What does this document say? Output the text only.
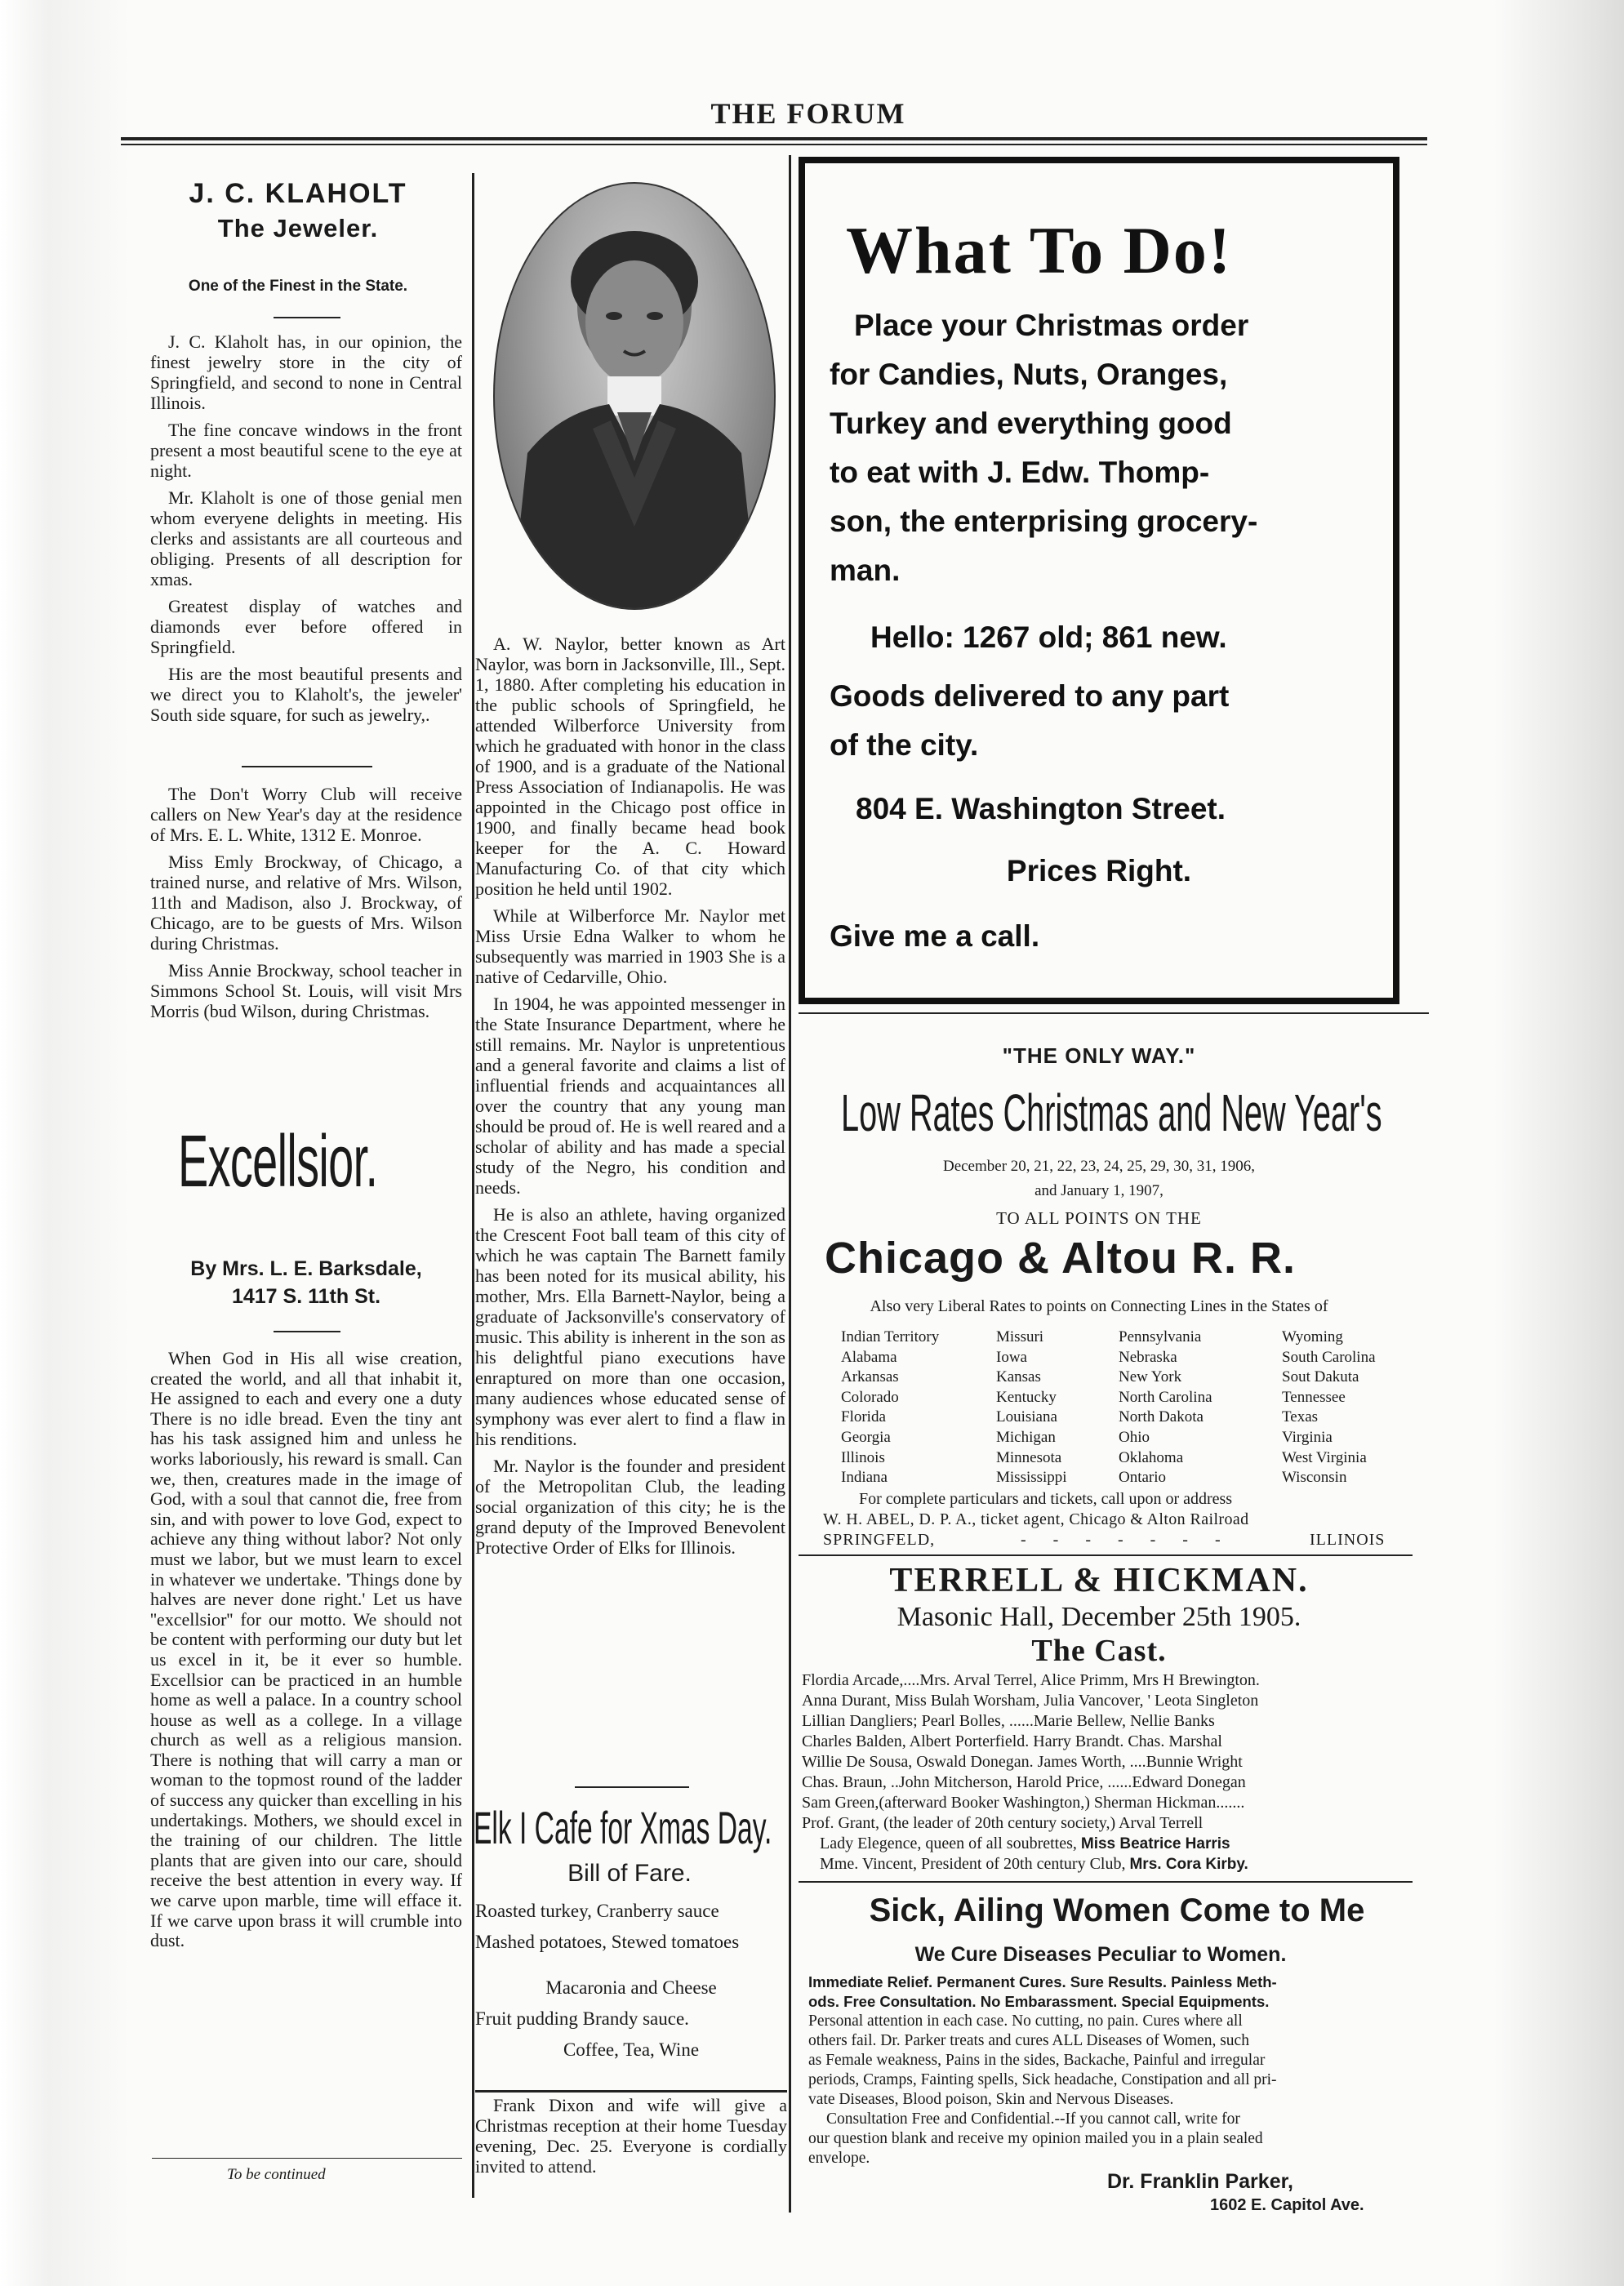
THE FORUM
J. C. KLAHOLT
The Jeweler.
One of the Finest in the State.

J. C. Klaholt has, in our opinion, the finest jewelry store in the city of Springfield, and second to none in Central Illinois.

The fine concave windows in the front present a most beautiful scene to the eye at night.

Mr. Klaholt is one of those genial men whom everyene delights in meeting. His clerks and assistants are all courteous and obliging. Presents of all description for xmas.

Greatest display of watches and diamonds ever before offered in Springfield.

His are the most beautiful presents and we direct you to Klaholt's, the jeweler' South side square, for such as jewelry,.

The Don't Worry Club will receive callers on New Year's day at the residence of Mrs. E. L. White, 1312 E. Monroe.

Miss Emly Brockway, of Chicago, a trained nurse, and relative of Mrs. Wilson, 11th and Madison, also J. Brockway, of Chicago, are to be guests of Mrs. Wilson during Christmas.

Miss Annie Brockway, school teacher in Simmons School St. Louis, will visit Mrs Morris (bud Wilson, during Christmas.

Excellsior.
By Mrs. L. E. Barksdale,
1417 S. 11th St.

When God in His all wise creation, created the world, and all that inhabit it, He assigned to each and every one a duty There is no idle bread. Even the tiny ant has his task assigned him and unless he works laboriously, his reward is small. Can we, then, creatures made in the image of God, with a soul that cannot die, free from sin, and with power to love God, expect to achieve any thing without labor? Not only must we labor, but we must learn to excel in whatever we undertake. 'Things done by halves are never done right.' Let us have ''excellsior'' for our motto. We should not be content with performing our duty but let us excel in it, be it ever so humble. Excellsior can be practiced in an humble home as well a palace. In a country school house as well as a college. In a village church as well as a religious mansion. There is nothing that will carry a man or woman to the topmost round of the ladder of success any quicker than excelling in his undertakings. Mothers, we should excel in the training of our children. The little plants that are given into our care, should receive the best attention in every way. If we carve upon marble, time will efface it. If we carve upon brass it will crumble into dust.

To be continued

A. W. Naylor, better known as Art Naylor, was born in Jacksonville, Ill., Sept. 1, 1880. After completing his education in the public schools of Springfield, he attended Wilberforce University from which he graduated with honor in the class of 1900, and is a graduate of the National Press Association of Indianapolis. He was appointed in the Chicago post office in 1900, and finally became head book keeper for the A. C. Howard Manufacturing Co. of that city which position he held until 1902.

While at Wilberforce Mr. Naylor met Miss Ursie Edna Walker to whom he subsequently was married in 1903 She is a native of Cedarville, Ohio.

In 1904, he was appointed messenger in the State Insurance Department, where he still remains. Mr. Naylor is unpretentious and a general favorite and claims a list of influential friends and acquaintances all over the country that any young man should be proud of. He is well reared and a scholar of ability and has made a special study of the Negro, his condition and needs.

He is also an athlete, having organized the Crescent Foot ball team of this city of which he was captain The Barnett family has been noted for its musical ability, his mother, Mrs. Ella Barnett-Naylor, being a graduate of Jacksonville's conservatory of music. This ability is inherent in the son as his delightful piano executions have enraptured on more than one occasion, many audiences whose educated sense of symphony was ever alert to find a flaw in his renditions.

Mr. Naylor is the founder and president of the Metropolitan Club, the leading social organization of this city; he is the grand deputy of the Improved Benevolent Protective Order of Elks for Illinois.

Elk I Cafe for Xmas Day.
Bill of Fare.
Roasted turkey, Cranberry sauce
Mashed potatoes, Stewed tomatoes
Macaronia and Cheese
Fruit pudding Brandy sauce.
Coffee, Tea, Wine

Frank Dixon and wife will give a Christmas reception at their home Tuesday evening, Dec. 25. Everyone is cordially invited to attend.

What To Do!
Place your Christmas order
for Candies, Nuts, Oranges,
Turkey and everything good
to eat with J. Edw. Thomp-
son, the enterprising grocery-
man.
Hello: 1267 old; 861 new.
Goods delivered to any part
of the city.
804 E. Washington Street.
Prices Right.
Give me a call.
"THE ONLY WAY."
Low Rates Christmas and New Year's
December 20, 21, 22, 23, 24, 25, 29, 30, 31, 1906,
and January 1, 1907,
TO ALL POINTS ON THE
Chicago & Altou R. R.
Also very Liberal Rates to points on Connecting Lines in the States of
Indian Territory
Alabama
Arkansas
Colorado
Florida
Georgia
Illinois
Indiana
Missuri
Iowa
Kansas
Kentucky
Louisiana
Michigan
Minnesota
Mississippi
Pennsylvania
Nebraska
New York
North Carolina
North Dakota
Ohio
Oklahoma
Ontario
Wyoming
South Carolina
Sout Dakuta
Tennessee
Texas
Virginia
West Virginia
Wisconsin
For complete particulars and tickets, call upon or address
W. H. ABEL, D. P. A., ticket agent, Chicago & Alton Railroad
SPRINGFELD,	- - - - - - -	ILLINOIS
TERRELL & HICKMAN.
Masonic Hall, December 25th 1905.
The Cast.
Flordia Arcade,....Mrs. Arval Terrel, Alice Primm, Mrs H Brewington.
Anna Durant, Miss Bulah Worsham, Julia Vancover, ' Leota Singleton
Lillian Dangliers; Pearl Bolles, ......Marie Bellew, Nellie Banks
Charles Balden, Albert Porterfield. Harry Brandt. Chas. Marshal
Willie De Sousa, Oswald Donegan. James Worth, ....Bunnie Wright
Chas. Braun, ..John Mitcherson, Harold Price, ......Edward Donegan
Sam Green,(afterward Booker Washington,) Sherman Hickman.......
Prof. Grant, (the leader of 20th century society,) Arval Terrell
Lady Elegence, queen of all soubrettes, Miss Beatrice Harris
Mme. Vincent, President of 20th century Club, Mrs. Cora Kirby.
Sick, Ailing Women Come to Me
We Cure Diseases Peculiar to Women.
Immediate Relief. Permanent Cures. Sure Results. Painless Meth-
ods. Free Consultation. No Embarassment. Special Equipments.
Personal attention in each case. No cutting, no pain. Cures where all
others fail. Dr. Parker treats and cures ALL Diseases of Women, such
as Female weakness, Pains in the sides, Backache, Painful and irregular
periods, Cramps, Fainting spells, Sick headache, Constipation and all pri-
vate Diseases, Blood poison, Skin and Nervous Diseases.
Consultation Free and Confidential.--If you cannot call, write for
our question blank and receive my opinion mailed you in a plain sealed
envelope.
Dr. Franklin Parker,
1602 E. Capitol Ave.
